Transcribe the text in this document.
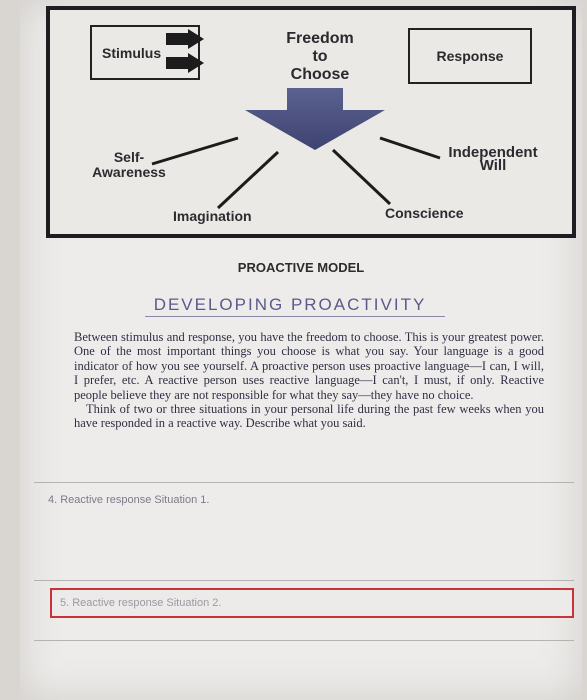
Stimulus
Freedom
to
Choose
Response
Self-
Awareness
Imagination	Conscience
Independent
Will
PROACTIVE MODEL
DEVELOPING PROACTIVITY

Between stimulus and response, you have the freedom to choose. This is your greatest power. One of the most important things you choose is what you say. Your language is a good indicator of how you see yourself. A proactive person uses proactive language—I can, I will, I prefer, etc. A reactive person uses reactive language—I can't, I must, if only. Reactive people believe they are not responsible for what they say—they have no choice.

Think of two or three situations in your personal life during the past few weeks when you have responded in a reactive way. Describe what you said.

4. Reactive response Situation 1.
5. Reactive response Situation 2.
